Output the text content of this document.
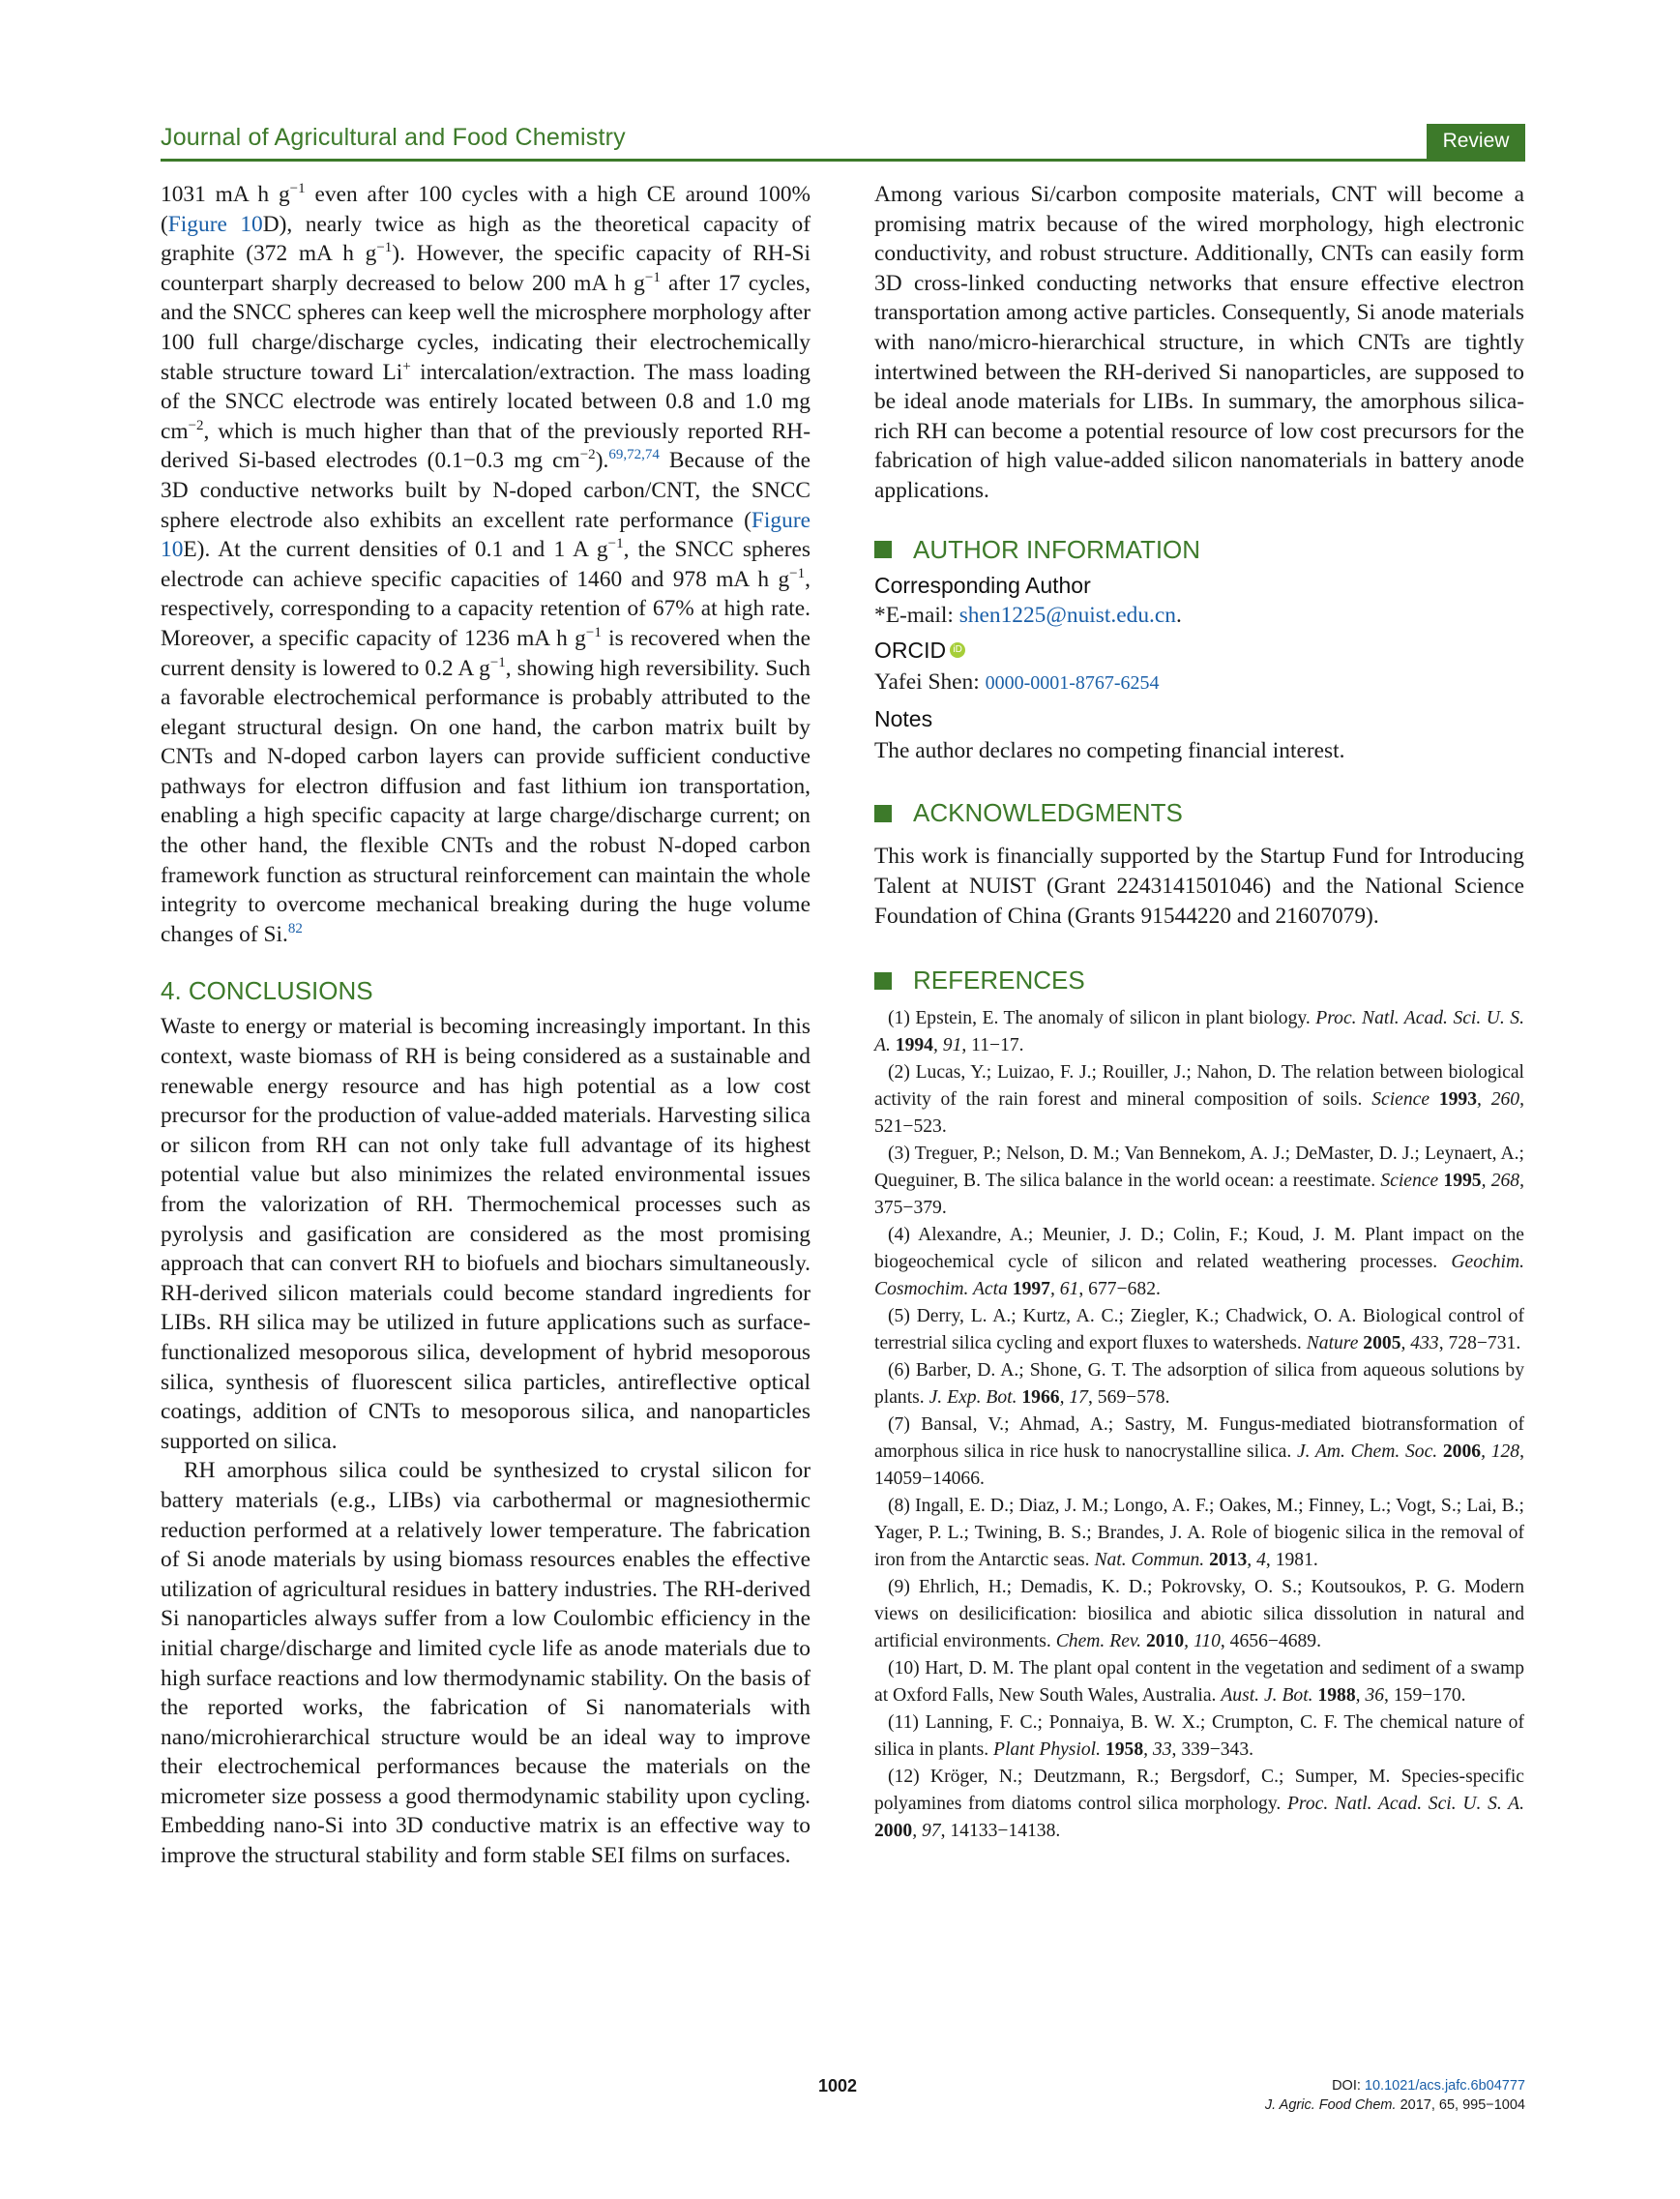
Journal of Agricultural and Food Chemistry	Review

1031 mA h $g^{-1}$ even after 100 cycles with a high CE around 100% (Figure 10D), nearly twice as high as the theoretical capacity of graphite (372 mA h $g^{-1}$). However, the specific capacity of RH-Si counterpart sharply decreased to below 200 mA h $g^{-1}$ after 17 cycles, and the SNCC spheres can keep well the microsphere morphology after 100 full charge/discharge cycles, indicating their electrochemically stable structure toward Li+ intercalation/extraction. The mass loading of the SNCC electrode was entirely located between 0.8 and 1.0 mg $cm^{-2}$, which is much higher than that of the previously reported RH-derived Si-based electrodes (0.1−0.3 mg $cm^{-2}).^{69,72,74}$ Because of the 3D conductive networks built by N-doped carbon/CNT, the SNCC sphere electrode also exhibits an excellent rate performance (Figure 10E). At the current densities of 0.1 and 1 A $g^{-1}$, the SNCC spheres electrode can achieve specific capacities of 1460 and 978 mA h $g^{-1}$, respectively, corresponding to a capacity retention of 67% at high rate. Moreover, a specific capacity of 1236 mA h $g^{-1}$ is recovered when the current density is lowered to 0.2 A $g^{-1}$, showing high reversibility. Such a favorable electrochemical performance is probably attributed to the elegant structural design. On one hand, the carbon matrix built by CNTs and N-doped carbon layers can provide sufficient conductive pathways for electron diffusion and fast lithium ion transportation, enabling a high specific capacity at large charge/discharge current; on the other hand, the flexible CNTs and the robust N-doped carbon framework function as structural reinforcement can maintain the whole integrity to overcome mechanical breaking during the huge volume changes of Si.$^{82}$

4. CONCLUSIONS

Waste to energy or material is becoming increasingly important. In this context, waste biomass of RH is being considered as a sustainable and renewable energy resource and has high potential as a low cost precursor for the production of value-added materials. Harvesting silica or silicon from RH can not only take full advantage of its highest potential value but also minimizes the related environmental issues from the valorization of RH. Thermochemical processes such as pyrolysis and gasification are considered as the most promising approach that can convert RH to biofuels and biochars simultaneously. RH-derived silicon materials could become standard ingredients for LIBs. RH silica may be utilized in future applications such as surface-functionalized mesoporous silica, development of hybrid mesoporous silica, synthesis of fluorescent silica particles, antireflective optical coatings, addition of CNTs to mesoporous silica, and nanoparticles supported on silica.

RH amorphous silica could be synthesized to crystal silicon for battery materials (e.g., LIBs) via carbothermal or magnesiothermic reduction performed at a relatively lower temperature. The fabrication of Si anode materials by using biomass resources enables the effective utilization of agricultural residues in battery industries. The RH-derived Si nanoparticles always suffer from a low Coulombic efficiency in the initial charge/discharge and limited cycle life as anode materials due to high surface reactions and low thermodynamic stability. On the basis of the reported works, the fabrication of Si nanomaterials with nano/microhierarchical structure would be an ideal way to improve their electrochemical performances because the materials on the micrometer size possess a good thermodynamic stability upon cycling. Embedding nano-Si into 3D conductive matrix is an effective way to improve the structural stability and form stable SEI films on surfaces.

Among various Si/carbon composite materials, CNT will become a promising matrix because of the wired morphology, high electronic conductivity, and robust structure. Additionally, CNTs can easily form 3D cross-linked conducting networks that ensure effective electron transportation among active particles. Consequently, Si anode materials with nano/micro-hierarchical structure, in which CNTs are tightly intertwined between the RH-derived Si nanoparticles, are supposed to be ideal anode materials for LIBs. In summary, the amorphous silica-rich RH can become a potential resource of low cost precursors for the fabrication of high value-added silicon nanomaterials in battery anode applications.

AUTHOR INFORMATION

Corresponding Author

*E-mail: shen1225@nuist.edu.cn.

ORCID iD

Yafei Shen: 0000-0001-8767-6254

Notes

The author declares no competing financial interest.

ACKNOWLEDGMENTS

This work is financially supported by the Startup Fund for Introducing Talent at NUIST (Grant 2243141501046) and the National Science Foundation of China (Grants 91544220 and 21607079).

REFERENCES

(1) Epstein, E. The anomaly of silicon in plant biology. Proc. Natl. Acad. Sci. U. S. A. 1994, 91, 11−17.

(2) Lucas, Y.; Luizao, F. J.; Rouiller, J.; Nahon, D. The relation between biological activity of the rain forest and mineral composition of soils. Science 1993, 260, 521−523.

(3) Treguer, P.; Nelson, D. M.; Van Bennekom, A. J.; DeMaster, D. J.; Leynaert, A.; Queguiner, B. The silica balance in the world ocean: a reestimate. Science 1995, 268, 375−379.

(4) Alexandre, A.; Meunier, J. D.; Colin, F.; Koud, J. M. Plant impact on the biogeochemical cycle of silicon and related weathering processes. Geochim. Cosmochim. Acta 1997, 61, 677−682.

(5) Derry, L. A.; Kurtz, A. C.; Ziegler, K.; Chadwick, O. A. Biological control of terrestrial silica cycling and export fluxes to watersheds. Nature 2005, 433, 728−731.

(6) Barber, D. A.; Shone, G. T. The adsorption of silica from aqueous solutions by plants. J. Exp. Bot. 1966, 17, 569−578.

(7) Bansal, V.; Ahmad, A.; Sastry, M. Fungus-mediated biotransformation of amorphous silica in rice husk to nanocrystalline silica. J. Am. Chem. Soc. 2006, 128, 14059−14066.

(8) Ingall, E. D.; Diaz, J. M.; Longo, A. F.; Oakes, M.; Finney, L.; Vogt, S.; Lai, B.; Yager, P. L.; Twining, B. S.; Brandes, J. A. Role of biogenic silica in the removal of iron from the Antarctic seas. Nat. Commun. 2013, 4, 1981.

(9) Ehrlich, H.; Demadis, K. D.; Pokrovsky, O. S.; Koutsoukos, P. G. Modern views on desilicification: biosilica and abiotic silica dissolution in natural and artificial environments. Chem. Rev. 2010, 110, 4656−4689.

(10) Hart, D. M. The plant opal content in the vegetation and sediment of a swamp at Oxford Falls, New South Wales, Australia. Aust. J. Bot. 1988, 36, 159−170.

(11) Lanning, F. C.; Ponnaiya, B. W. X.; Crumpton, C. F. The chemical nature of silica in plants. Plant Physiol. 1958, 33, 339−343.

(12) Kröger, N.; Deutzmann, R.; Bergsdorf, C.; Sumper, M. Species-specific polyamines from diatoms control silica morphology. Proc. Natl. Acad. Sci. U. S. A. 2000, 97, 14133−14138.

1002	DOI: 10.1021/acs.jafc.6b04777
J. Agric. Food Chem. 2017, 65, 995−1004
